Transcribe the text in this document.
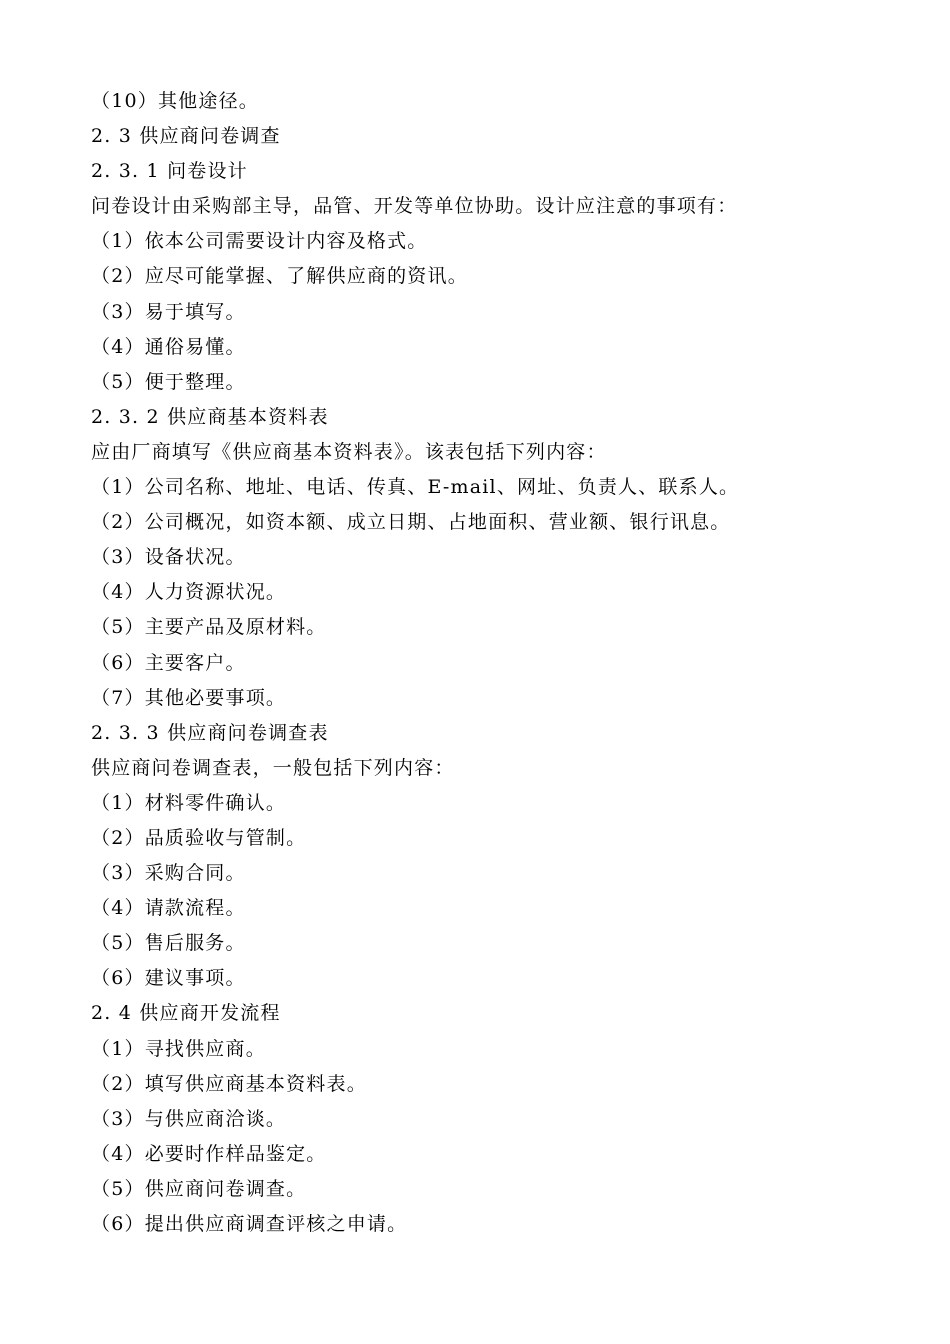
（10）其他途径。
2. 3 供应商问卷调查
2. 3. 1 问卷设计
问卷设计由采购部主导，品管、开发等单位协助。设计应注意的事项有：
（1）依本公司需要设计内容及格式。
（2）应尽可能掌握、了解供应商的资讯。
（3）易于填写。
（4）通俗易懂。
（5）便于整理。
2. 3. 2 供应商基本资料表
应由厂商填写《供应商基本资料表》。该表包括下列内容：
（1）公司名称、地址、电话、传真、E-mail、网址、负责人、联系人。
（2）公司概况，如资本额、成立日期、占地面积、营业额、银行讯息。
（3）设备状况。
（4）人力资源状况。
（5）主要产品及原材料。
（6）主要客户。
（7）其他必要事项。
2. 3. 3 供应商问卷调查表
供应商问卷调查表，一般包括下列内容：
（1）材料零件确认。
（2）品质验收与管制。
（3）采购合同。
（4）请款流程。
（5）售后服务。
（6）建议事项。
2. 4 供应商开发流程
（1）寻找供应商。
（2）填写供应商基本资料表。
（3）与供应商洽谈。
（4）必要时作样品鉴定。
（5）供应商问卷调查。
（6）提出供应商调查评核之申请。
